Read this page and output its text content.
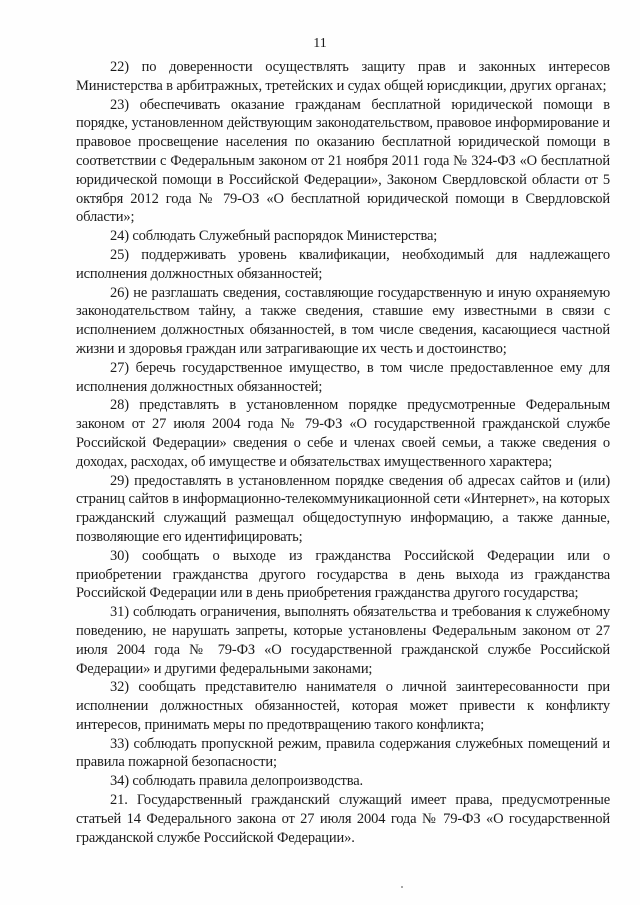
11

22) по доверенности осуществлять защиту прав и законных интересов Министерства в арбитражных, третейских и судах общей юрисдикции, других органах;

23) обеспечивать оказание гражданам бесплатной юридической помощи в порядке, установленном действующим законодательством, правовое информирование и правовое просвещение населения по оказанию бесплатной юридической помощи в соответствии с Федеральным законом от 21 ноября 2011 года № 324-ФЗ «О бесплатной юридической помощи в Российской Федерации», Законом Свердловской области от 5 октября 2012 года № 79-ОЗ «О бесплатной юридической помощи в Свердловской области»;

24) соблюдать Служебный распорядок Министерства;

25) поддерживать уровень квалификации, необходимый для надлежащего исполнения должностных обязанностей;

26) не разглашать сведения, составляющие государственную и иную охраняемую законодательством тайну, а также сведения, ставшие ему известными в связи с исполнением должностных обязанностей, в том числе сведения, касающиеся частной жизни и здоровья граждан или затрагивающие их честь и достоинство;

27) беречь государственное имущество, в том числе предоставленное ему для исполнения должностных обязанностей;

28) представлять в установленном порядке предусмотренные Федеральным законом от 27 июля 2004 года № 79-ФЗ «О государственной гражданской службе Российской Федерации» сведения о себе и членах своей семьи, а также сведения о доходах, расходах, об имуществе и обязательствах имущественного характера;

29) предоставлять в установленном порядке сведения об адресах сайтов и (или) страниц сайтов в информационно-телекоммуникационной сети «Интернет», на которых гражданский служащий размещал общедоступную информацию, а также данные, позволяющие его идентифицировать;

30) сообщать о выходе из гражданства Российской Федерации или о приобретении гражданства другого государства в день выхода из гражданства Российской Федерации или в день приобретения гражданства другого государства;

31) соблюдать ограничения, выполнять обязательства и требования к служебному поведению, не нарушать запреты, которые установлены Федеральным законом от 27 июля 2004 года № 79-ФЗ «О государственной гражданской службе Российской Федерации» и другими федеральными законами;

32) сообщать представителю нанимателя о личной заинтересованности при исполнении должностных обязанностей, которая может привести к конфликту интересов, принимать меры по предотвращению такого конфликта;

33) соблюдать пропускной режим, правила содержания служебных помещений и правила пожарной безопасности;

34) соблюдать правила делопроизводства.

21. Государственный гражданский служащий имеет права, предусмотренные статьей 14 Федерального закона от 27 июля 2004 года № 79-ФЗ «О государственной гражданской службе Российской Федерации».
